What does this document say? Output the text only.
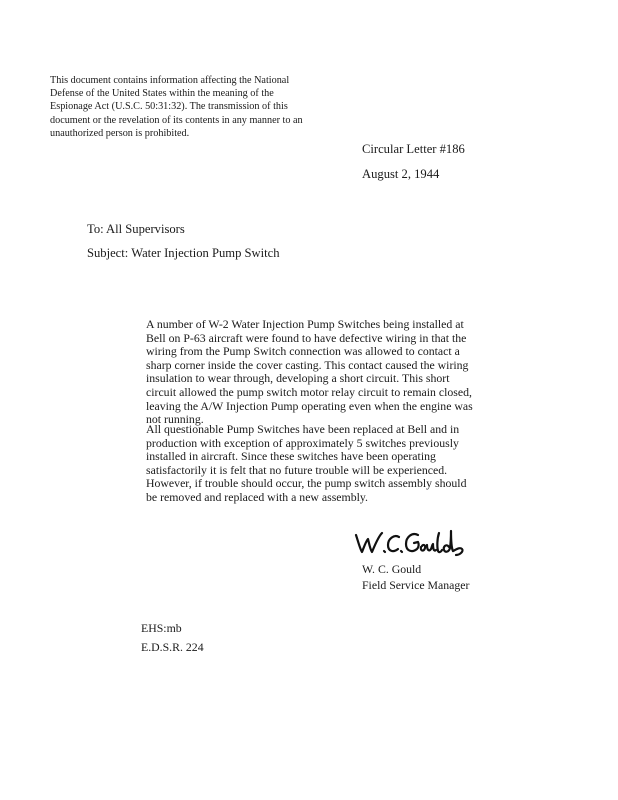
This document contains information affecting the National
Defense of the United States within the meaning of the
Espionage Act (U.S.C. 50:31:32). The transmission of this
document or the revelation of its contents in any manner to an
unauthorized person is prohibited.
Circular Letter #186
August 2, 1944
To: All Supervisors
Subject: Water Injection Pump Switch
A number of W-2 Water Injection Pump Switches being installed at
Bell on P-63 aircraft were found to have defective wiring in that the
wiring from the Pump Switch connection was allowed to contact a
sharp corner inside the cover casting. This contact caused the wiring
insulation to wear through, developing a short circuit. This short
circuit allowed the pump switch motor relay circuit to remain closed,
leaving the A/W Injection Pump operating even when the engine was
not running.
All questionable Pump Switches have been replaced at Bell and in
production with exception of approximately 5 switches previously
installed in aircraft. Since these switches have been operating
satisfactorily it is felt that no future trouble will be experienced.
However, if trouble should occur, the pump switch assembly should
be removed and replaced with a new assembly.
W. C. Gould
Field Service Manager
EHS:mb
E.D.S.R. 224
